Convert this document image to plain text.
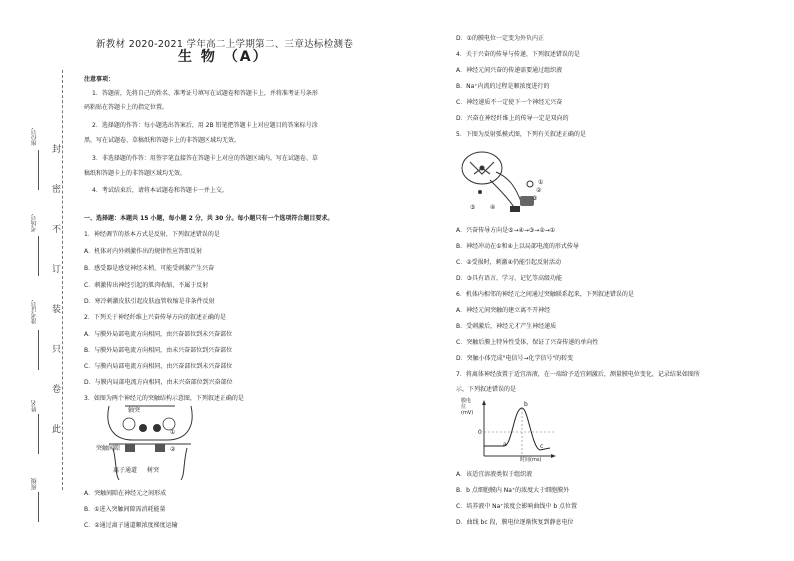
封
密
不
订
装
只
卷
此
座位号
考场号
准考证号
姓名
班级
新教材 2020-2021 学年高二上学期第二、三章达标检测卷
生 物 （A）
注意事项：
1．答题前，先将自己的姓名、准考证号填写在试题卷和答题卡上，并将准考证号条形
码粘贴在答题卡上的指定位置。
2．选择题的作答：每小题选出答案后，用 2B 铅笔把答题卡上对应题目的答案标号涂
黑，写在试题卷、草稿纸和答题卡上的非答题区域均无效。
3．非选择题的作答：用签字笔直接答在答题卡上对应的答题区域内。写在试题卷、草
稿纸和答题卡上的非答题区域均无效。
4．考试结束后，请将本试题卷和答题卡一并上交。
一、选择题：本题共 15 小题，每小题 2 分，共 30 分。每小题只有一个选项符合题目要求。
1．神经调节的基本方式是反射，下列叙述错误的是
A．机体对内外刺激作出的规律性应答即反射
B．感受器是感觉神经末梢，可能受刺激产生兴奋
C．刺激传出神经引起的肌肉收缩，不属于反射
D．寒冷刺激皮肤引起皮肤血管收缩是非条件反射
2．下列关于神经纤维上兴奋传导方向的叙述正确的是
A．与膜外局部电流方向相同，由兴奋部位到未兴奋部位
B．与膜外局部电流方向相同，由未兴奋部位到兴奋部位
C．与膜内局部电流方向相同，由兴奋部位到未兴奋部位
D．与膜内局部电流方向相同，由未兴奋部位到兴奋部位
3．如图为两个神经元的突触结构示意图，下列叙述正确的是
轴突
突触间隙
离子通道 树突
①
②
A．突触间隙在神经元之间形成
B．①进入突触间隙需消耗能量
C．②通过离子通道顺浓度梯度运输
D．①的膜电位一定变为外负内正
4．关于兴奋的传导与传递，下列叙述错误的是
A．神经元间兴奋的传递需要通过组织液
B．Na⁺内流的过程是顺浓度进行的
C．神经递质不一定使下一个神经元兴奋
D．兴奋在神经纤维上的传导一定是双向的
5．下图为反射弧模式图，下列有关叙述正确的是
①
②
③
④
⑤
A．兴奋传导方向是⑤→④→③→②→①
B．神经冲动在①和④上以局部电流的形式传导
C．②受损时，刺激④仍能引起反射活动
D．③具有语言、学习、记忆等高级功能
6．机体内相邻的神经元之间通过突触联系起来，下列叙述错误的是
A．神经元间突触的建立离不开神经
B．受刺激后，神经元才产生神经递质
C．突触后膜上特异性受体，保证了兴奋传递的单向性
D．突触小体完成"电信号→化学信号"的转变
7．将离体神经放置于适宜溶液，在一端给予适宜刺激后，测量膜电位变化，记录结果如图所
示，下列叙述错误的是
膜电位(mV)
时间(ms)
a
b
c
0
A．该适宜溶液类似于组织液
B．b 点细胞膜内 Na⁺的浓度大于细胞膜外
C．培养液中 Na⁺浓度会影响曲线中 b 点位置
D．曲线 bc 段，膜电位逐渐恢复到静息电位
